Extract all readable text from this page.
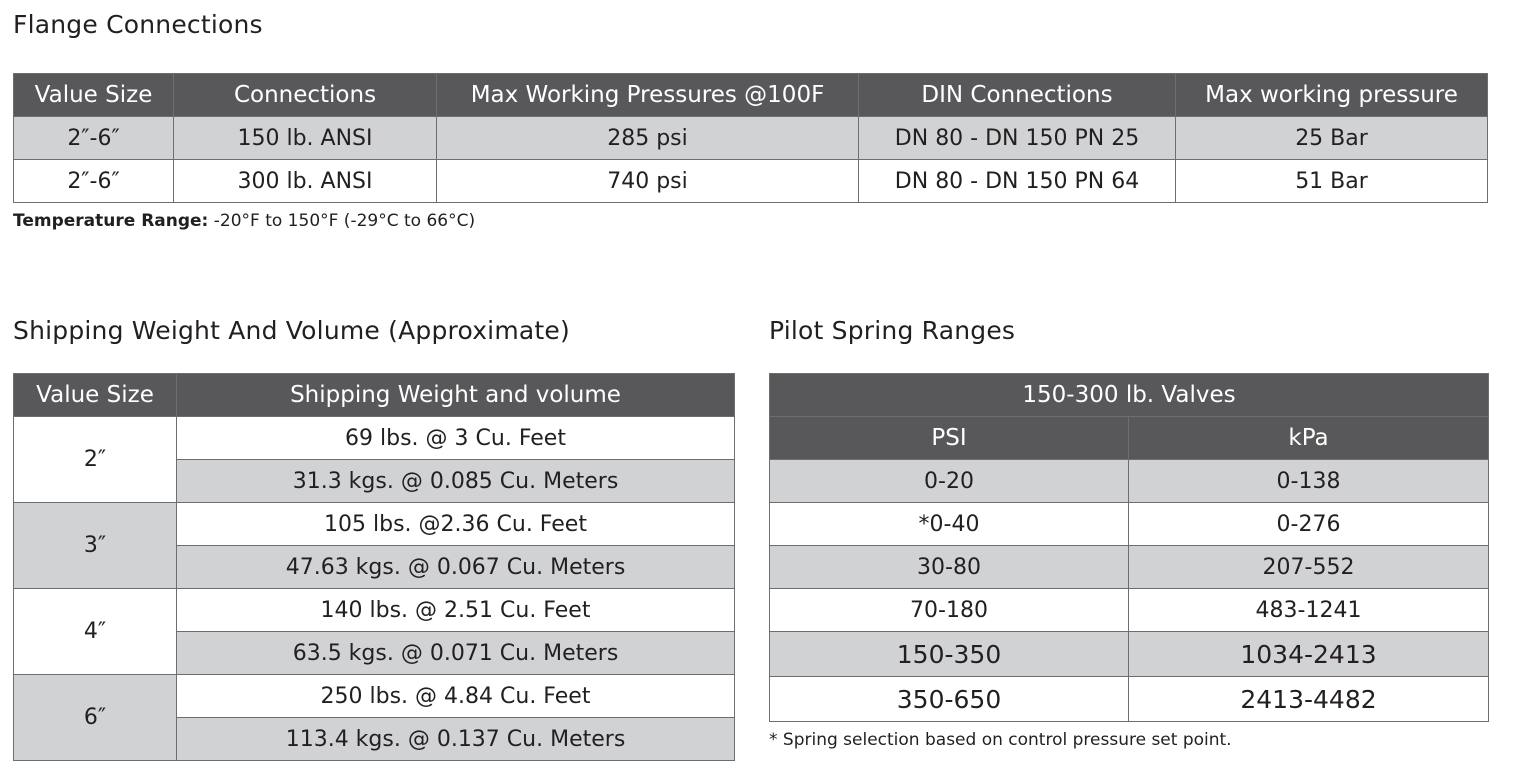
Flange Connections
Value Size	Connections	Max Working Pressures @100F	DIN Connections	Max working pressure
2″-6″	150 lb. ANSI	285 psi	DN 80 - DN 150 PN 25	25 Bar
2″-6″	300 lb. ANSI	740 psi	DN 80 - DN 150 PN 64	51 Bar
Temperature Range: -20°F to 150°F (-29°C to 66°C)
Shipping Weight And Volume (Approximate)
Value Size	Shipping Weight and volume
2″	69 lbs. @ 3 Cu. Feet
	31.3 kgs. @ 0.085 Cu. Meters
3″	105 lbs. @2.36 Cu. Feet
	47.63 kgs. @ 0.067 Cu. Meters
4″	140 lbs. @ 2.51 Cu. Feet
	63.5 kgs. @ 0.071 Cu. Meters
6″	250 lbs. @ 4.84 Cu. Feet
	113.4 kgs. @ 0.137 Cu. Meters
Pilot Spring Ranges
150-300 lb. Valves	
PSI	kPa
0-20	0-138
*0-40	0-276
30-80	207-552
70-180	483-1241
150-350	1034-2413
350-650	2413-4482
* Spring selection based on control pressure set point.
